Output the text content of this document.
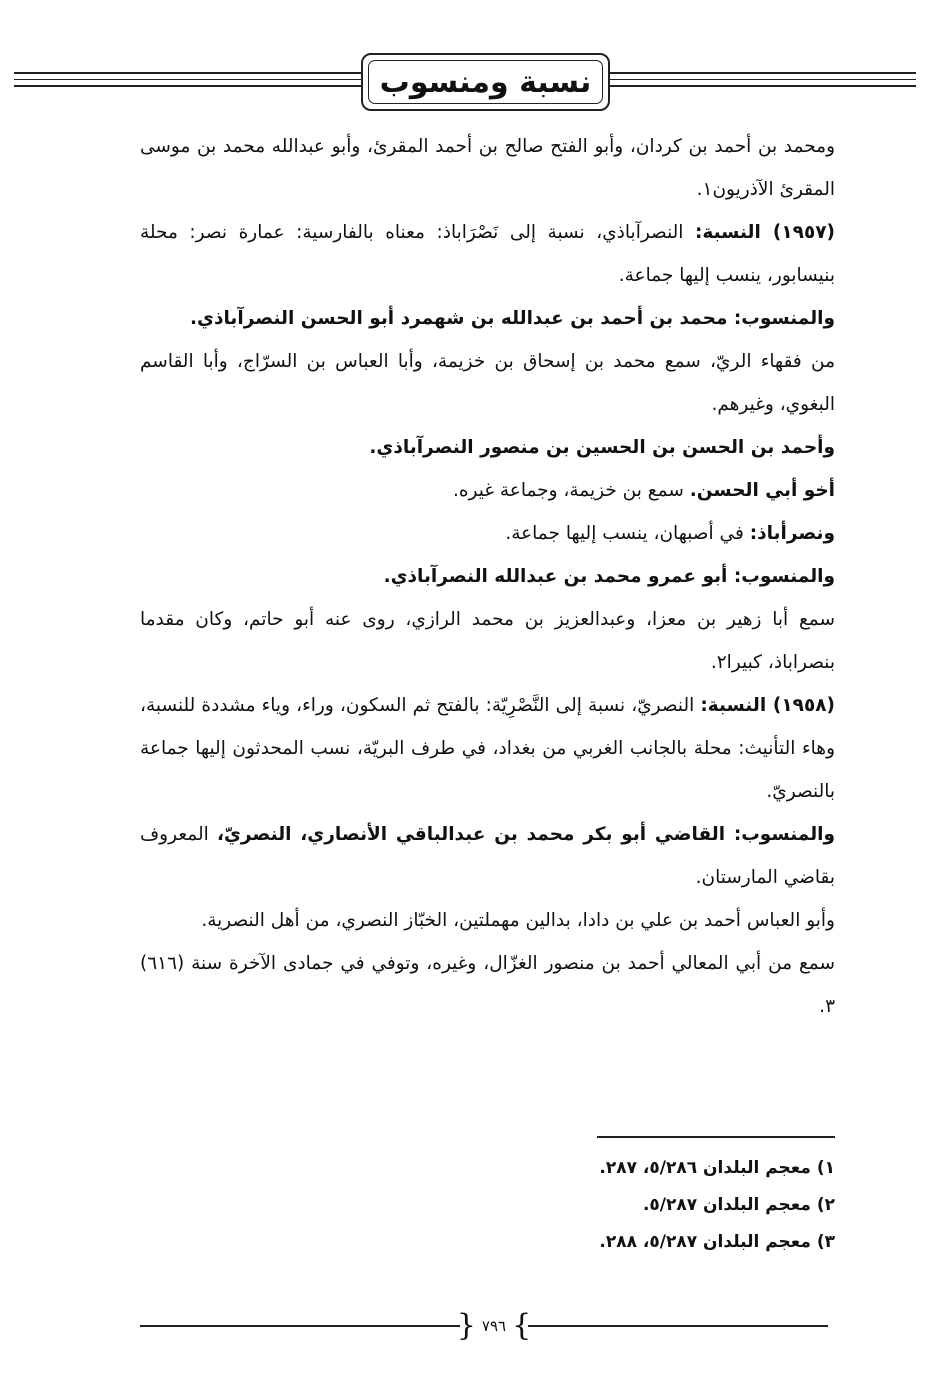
نسبة ومنسوب

ومحمد بن أحمد بن كردان، وأبو الفتح صالح بن أحمد المقرئ، وأبو عبدالله محمد بن موسى المقرئ الآذريون١.

(١٩٥٧) النسبة: النصرآباذي، نسبة إلى نَصْرَاباذ: معناه بالفارسية: عمارة نصر: محلة بنيسابور، ينسب إليها جماعة.

والمنسوب: محمد بن أحمد بن عبدالله بن شهمرد أبو الحسن النصرآباذي.

من فقهاء الريّ، سمع محمد بن إسحاق بن خزيمة، وأبا العباس بن السرّاج، وأبا القاسم البغوي، وغيرهم.

وأحمد بن الحسن بن الحسين بن منصور النصرآباذي.

أخو أبي الحسن. سمع بن خزيمة، وجماعة غيره.

ونصرأباذ: في أصبهان، ينسب إليها جماعة.

والمنسوب: أبو عمرو محمد بن عبدالله النصرآباذي.

سمع أبا زهير بن معزا، وعبدالعزيز بن محمد الرازي، روى عنه أبو حاتم، وكان مقدما بنصراباذ، كبيرا٢.

(١٩٥٨) النسبة: النصريّ، نسبة إلى النَّصْرِيّة: بالفتح ثم السكون، وراء، وياء مشددة للنسبة، وهاء التأنيث: محلة بالجانب الغربي من بغداد، في طرف البريّة، نسب المحدثون إليها جماعة بالنصريّ.

والمنسوب: القاضي أبو بكر محمد بن عبدالباقي الأنصاري، النصريّ، المعروف بقاضي المارستان.

وأبو العباس أحمد بن علي بن دادا، بدالين مهملتين، الخبّاز النصري، من أهل النصرية.

سمع من أبي المعالي أحمد بن منصور الغزّال، وغيره، وتوفي في جمادى الآخرة سنة (٦١٦) ٣.

١) معجم البلدان ٥/٢٨٦، ٢٨٧.

٢) معجم البلدان ٥/٢٨٧.

٣) معجم البلدان ٥/٢٨٧، ٢٨٨.

} ٧٩٦ {
